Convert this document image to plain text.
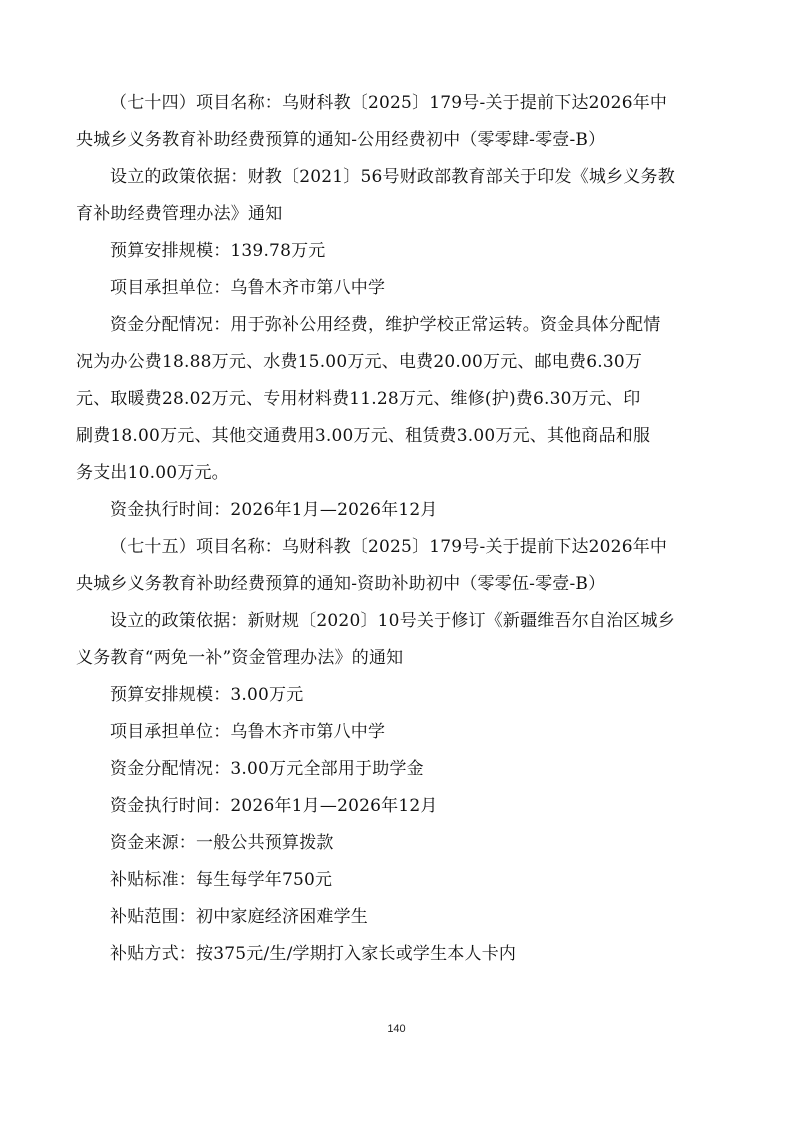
（七十四）项目名称：乌财科教〔2025〕179号-关于提前下达2026年中
央城乡义务教育补助经费预算的通知-公用经费初中（零零肆-零壹-B）
设立的政策依据：财教〔2021〕56号财政部教育部关于印发《城乡义务教
育补助经费管理办法》通知
预算安排规模：139.78万元
项目承担单位：乌鲁木齐市第八中学
资金分配情况：用于弥补公用经费，维护学校正常运转。资金具体分配情
况为办公费18.88万元、水费15.00万元、电费20.00万元、邮电费6.30万
元、取暖费28.02万元、专用材料费11.28万元、维修(护)费6.30万元、印
刷费18.00万元、其他交通费用3.00万元、租赁费3.00万元、其他商品和服
务支出10.00万元。
资金执行时间：2026年1月—2026年12月
（七十五）项目名称：乌财科教〔2025〕179号-关于提前下达2026年中
央城乡义务教育补助经费预算的通知-资助补助初中（零零伍-零壹-B）
设立的政策依据：新财规〔2020〕10号关于修订《新疆维吾尔自治区城乡
义务教育“两免一补”资金管理办法》的通知
预算安排规模：3.00万元
项目承担单位：乌鲁木齐市第八中学
资金分配情况：3.00万元全部用于助学金
资金执行时间：2026年1月—2026年12月
资金来源：一般公共预算拨款
补贴标准：每生每学年750元
补贴范围：初中家庭经济困难学生
补贴方式：按375元/生/学期打入家长或学生本人卡内
140
